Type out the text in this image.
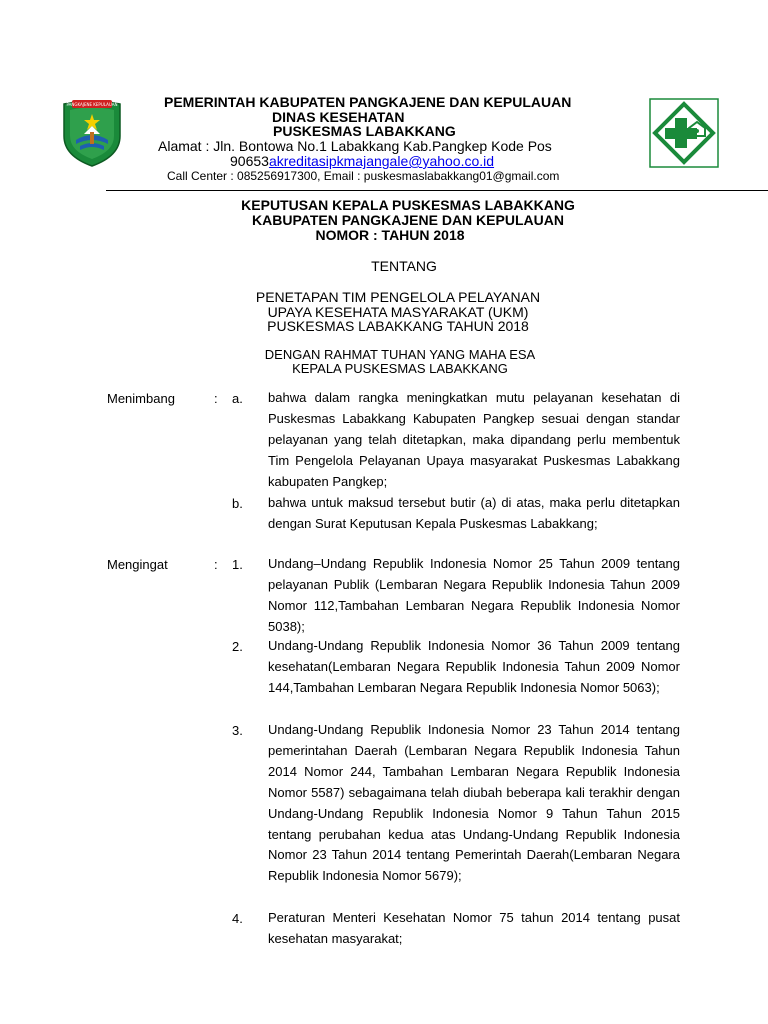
PANGKAJENE KEPULAUAN	PEMERINTAH KABUPATEN PANGKAJENE DAN KEPULAUAN
DINAS KESEHATAN
PUSKESMAS LABAKKANG
Alamat : Jln. Bontowa No.1 Labakkang Kab.Pangkep Kode Pos
90653akreditasipkmajangale@yahoo.co.id
Call Center : 085256917300, Email : puskesmaslabakkang01@gmail.com
KEPUTUSAN KEPALA PUSKESMAS LABAKKANG
KABUPATEN PANGKAJENE DAN KEPULAUAN
NOMOR : TAHUN 2018
TENTANG
PENETAPAN TIM PENGELOLA PELAYANAN
UPAYA KESEHATA MASYARAKAT (UKM)
PUSKESMAS LABAKKANG TAHUN 2018
DENGAN RAHMAT TUHAN YANG MAHA ESA
KEPALA PUSKESMAS LABAKKANG
Menimbang	: a. bahwa dalam rangka meningkatkan mutu pelayanan kesehatan di Puskesmas Labakkang Kabupaten Pangkep sesuai dengan standar pelayanan yang telah ditetapkan, maka dipandang perlu membentuk Tim Pengelola Pelayanan Upaya masyarakat Puskesmas Labakkang kabupaten Pangkep;
b. bahwa untuk maksud tersebut butir (a) di atas, maka perlu ditetapkan dengan Surat Keputusan Kepala Puskesmas Labakkang;
Mengingat	: 1. Undang–Undang Republik Indonesia Nomor 25 Tahun 2009 tentang pelayanan Publik (Lembaran Negara Republik Indonesia Tahun 2009 Nomor 112,Tambahan Lembaran Negara Republik Indonesia Nomor 5038);
2. Undang-Undang Republik Indonesia Nomor 36 Tahun 2009 tentang kesehatan(Lembaran Negara Republik Indonesia Tahun 2009 Nomor 144,Tambahan Lembaran Negara Republik Indonesia Nomor 5063);
3. Undang-Undang Republik Indonesia Nomor 23 Tahun 2014 tentang pemerintahan Daerah (Lembaran Negara Republik Indonesia Tahun 2014 Nomor 244, Tambahan Lembaran Negara Republik Indonesia Nomor 5587) sebagaimana telah diubah beberapa kali terakhir dengan Undang-Undang Republik Indonesia Nomor 9 Tahun Tahun 2015 tentang perubahan kedua atas Undang-Undang Republik Indonesia Nomor 23 Tahun 2014 tentang Pemerintah Daerah(Lembaran Negara Republik Indonesia Nomor 5679);
4. Peraturan Menteri Kesehatan Nomor 75 tahun 2014 tentang pusat kesehatan masyarakat;
